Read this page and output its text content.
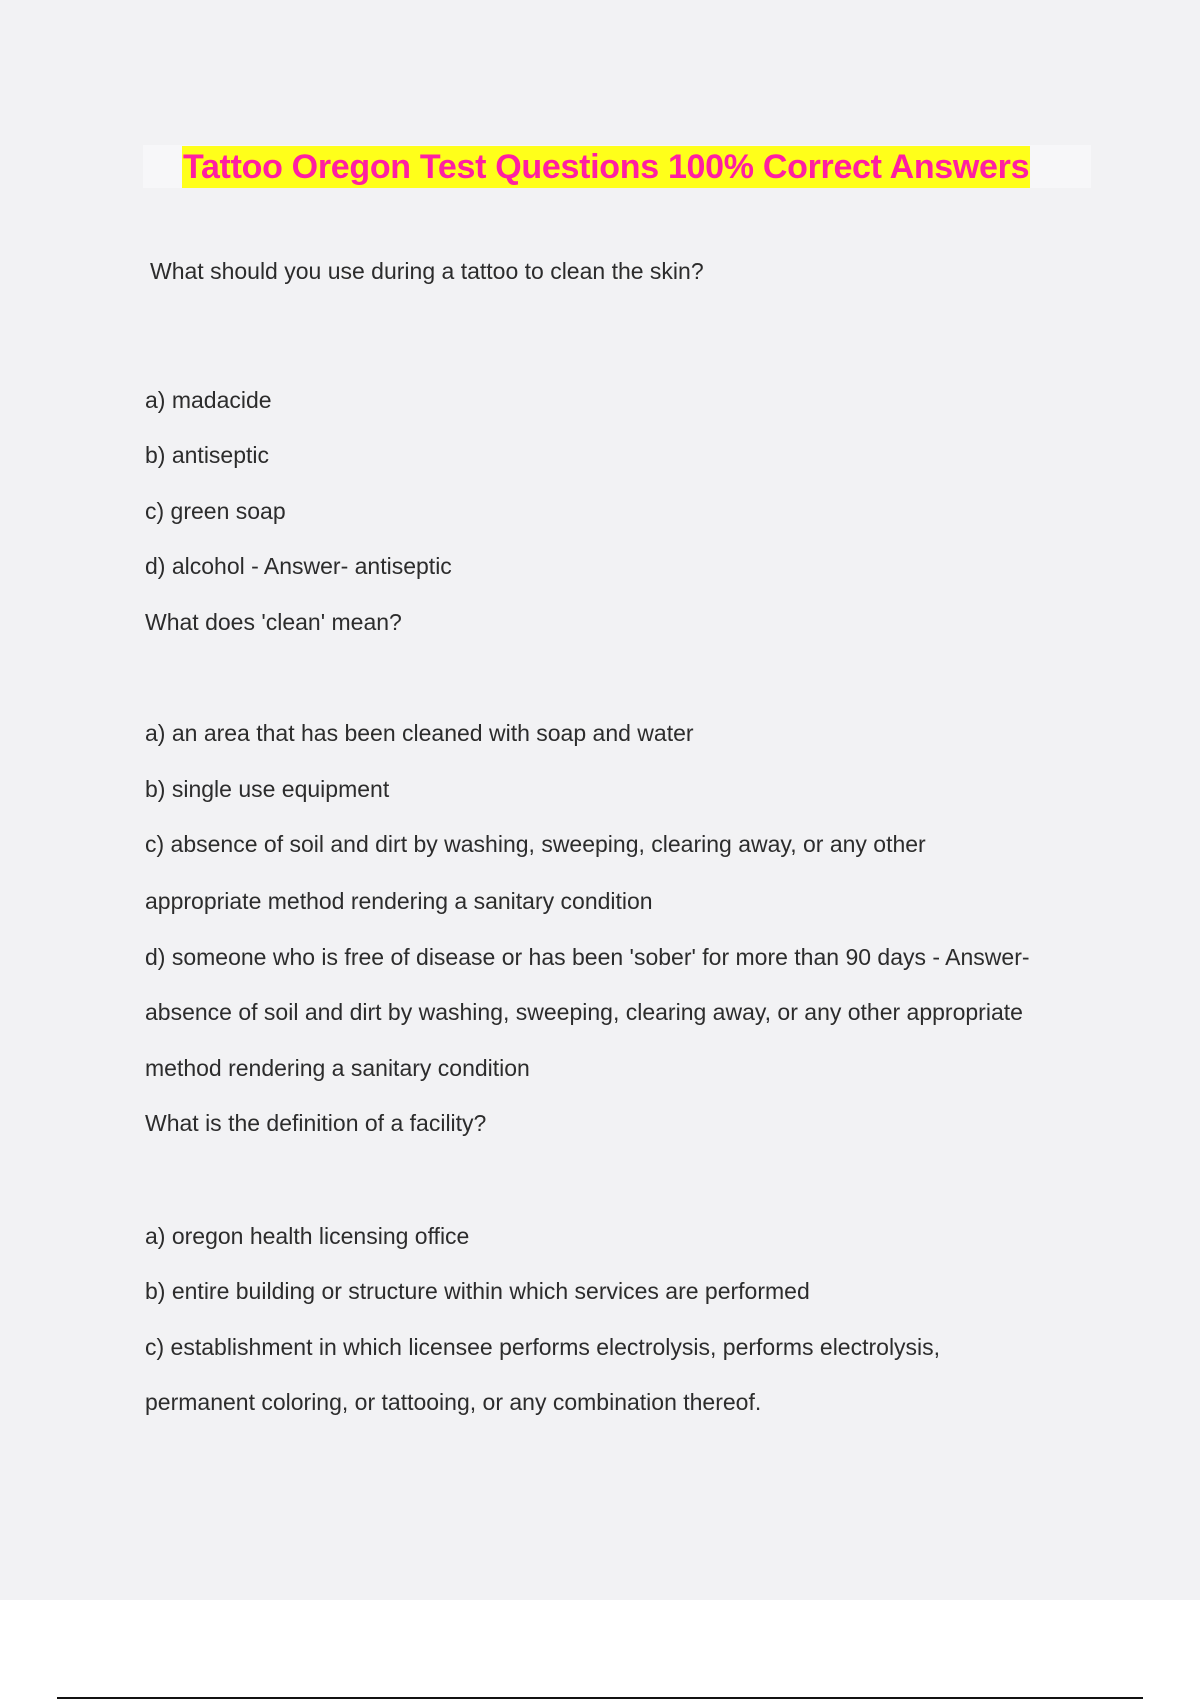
Tattoo Oregon Test Questions 100% Correct Answers

What should you use during a tattoo to clean the skin?

a) madacide

b) antiseptic

c) green soap

d) alcohol - Answer- antiseptic

What does 'clean' mean?

a) an area that has been cleaned with soap and water

b) single use equipment

c) absence of soil and dirt by washing, sweeping, clearing away, or any other

appropriate method rendering a sanitary condition

d) someone who is free of disease or has been 'sober' for more than 90 days - Answer-

absence of soil and dirt by washing, sweeping, clearing away, or any other appropriate

method rendering a sanitary condition

What is the definition of a facility?

a) oregon health licensing office

b) entire building or structure within which services are performed

c) establishment in which licensee performs electrolysis, performs electrolysis,

permanent coloring, or tattooing, or any combination thereof.
